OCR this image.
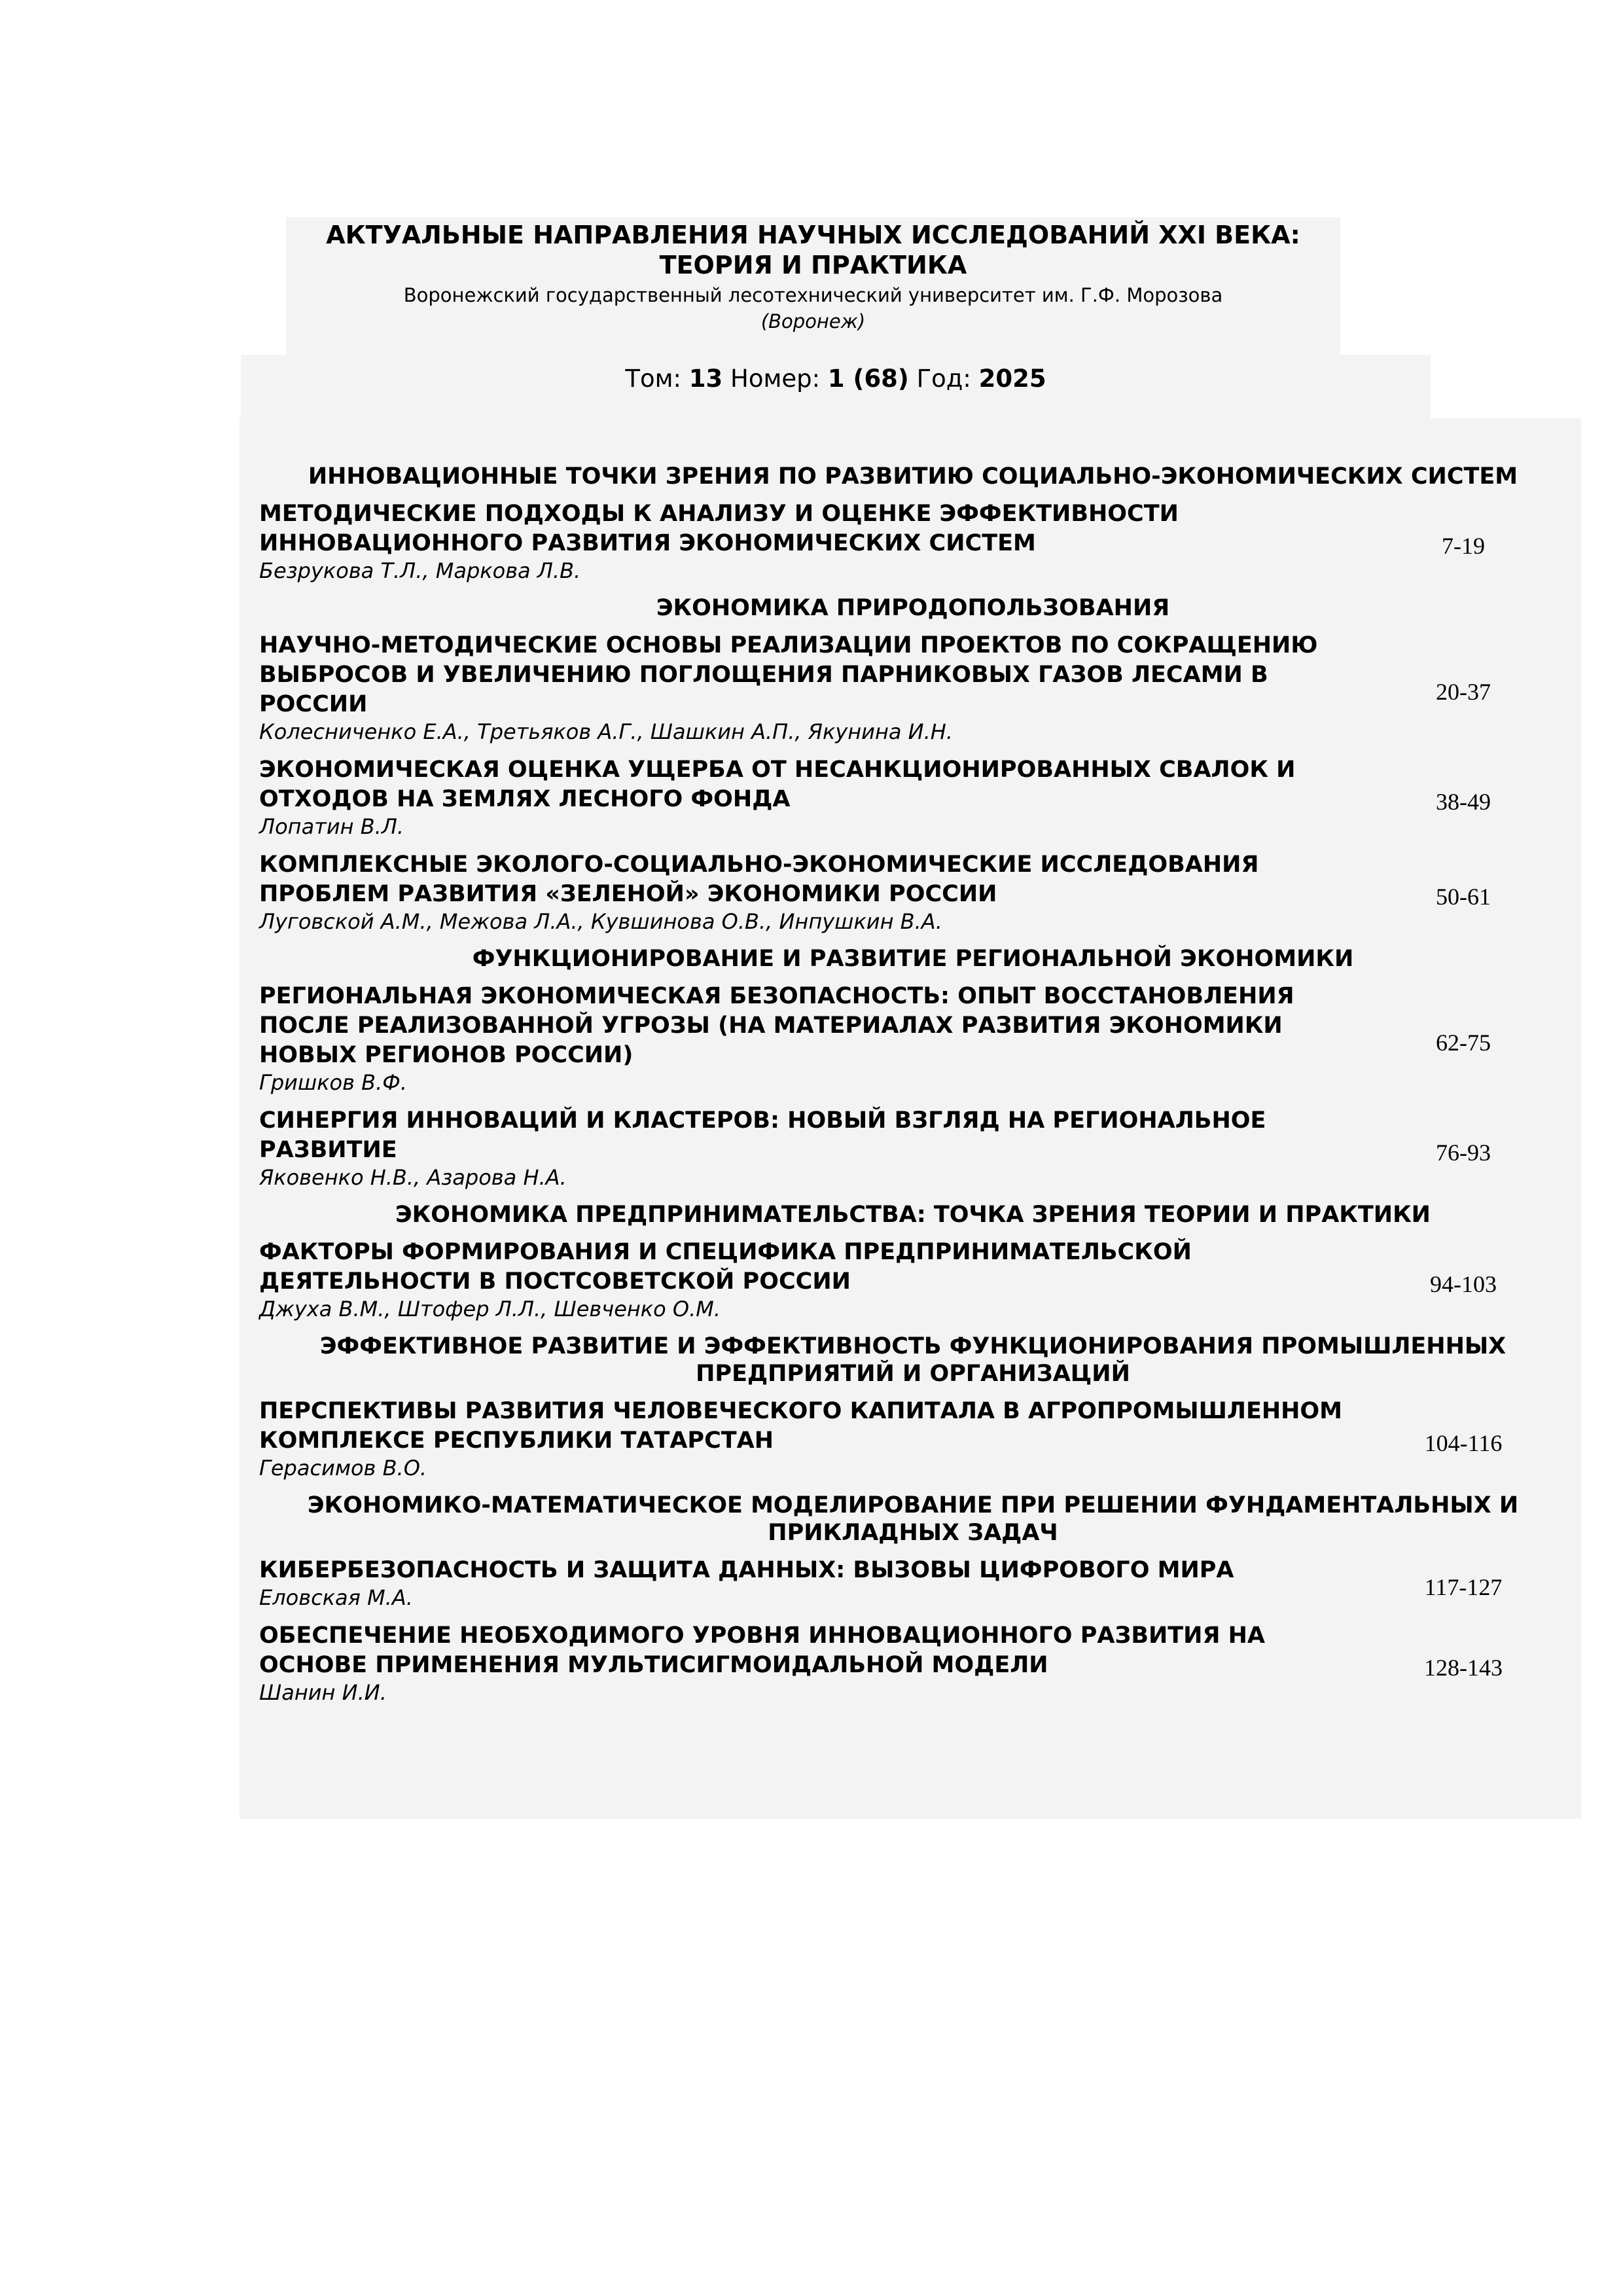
АКТУАЛЬНЫЕ НАПРАВЛЕНИЯ НАУЧНЫХ ИССЛЕДОВАНИЙ XXI ВЕКА:
ТЕОРИЯ И ПРАКТИКА
Воронежский государственный лесотехнический университет им. Г.Ф. Морозова
(Воронеж)
Том: 13 Номер: 1 (68) Год: 2025
ИННОВАЦИОННЫЕ ТОЧКИ ЗРЕНИЯ ПО РАЗВИТИЮ СОЦИАЛЬНО-ЭКОНОМИЧЕСКИХ СИСТЕМ
МЕТОДИЧЕСКИЕ ПОДХОДЫ К АНАЛИЗУ И ОЦЕНКЕ ЭФФЕКТИВНОСТИ
ИННОВАЦИОННОГО РАЗВИТИЯ ЭКОНОМИЧЕСКИХ СИСТЕМ
Безрукова Т.Л., Маркова Л.В.
7-19
ЭКОНОМИКА ПРИРОДОПОЛЬЗОВАНИЯ
НАУЧНО-МЕТОДИЧЕСКИЕ ОСНОВЫ РЕАЛИЗАЦИИ ПРОЕКТОВ ПО СОКРАЩЕНИЮ
ВЫБРОСОВ И УВЕЛИЧЕНИЮ ПОГЛОЩЕНИЯ ПАРНИКОВЫХ ГАЗОВ ЛЕСАМИ В
РОССИИ
Колесниченко Е.А., Третьяков А.Г., Шашкин А.П., Якунина И.Н.
20-37
ЭКОНОМИЧЕСКАЯ ОЦЕНКА УЩЕРБА ОТ НЕСАНКЦИОНИРОВАННЫХ СВАЛОК И
ОТХОДОВ НА ЗЕМЛЯХ ЛЕСНОГО ФОНДА
Лопатин В.Л.
38-49
КОМПЛЕКСНЫЕ ЭКОЛОГО-СОЦИАЛЬНО-ЭКОНОМИЧЕСКИЕ ИССЛЕДОВАНИЯ
ПРОБЛЕМ РАЗВИТИЯ «ЗЕЛЕНОЙ» ЭКОНОМИКИ РОССИИ
Луговской А.М., Межова Л.А., Кувшинова О.В., Инпушкин В.А.
50-61
ФУНКЦИОНИРОВАНИЕ И РАЗВИТИЕ РЕГИОНАЛЬНОЙ ЭКОНОМИКИ
РЕГИОНАЛЬНАЯ ЭКОНОМИЧЕСКАЯ БЕЗОПАСНОСТЬ: ОПЫТ ВОССТАНОВЛЕНИЯ
ПОСЛЕ РЕАЛИЗОВАННОЙ УГРОЗЫ (НА МАТЕРИАЛАХ РАЗВИТИЯ ЭКОНОМИКИ
НОВЫХ РЕГИОНОВ РОССИИ)
Гришков В.Ф.
62-75
СИНЕРГИЯ ИННОВАЦИЙ И КЛАСТЕРОВ: НОВЫЙ ВЗГЛЯД НА РЕГИОНАЛЬНОЕ
РАЗВИТИЕ
Яковенко Н.В., Азарова Н.А.
76-93
ЭКОНОМИКА ПРЕДПРИНИМАТЕЛЬСТВА: ТОЧКА ЗРЕНИЯ ТЕОРИИ И ПРАКТИКИ
ФАКТОРЫ ФОРМИРОВАНИЯ И СПЕЦИФИКА ПРЕДПРИНИМАТЕЛЬСКОЙ
ДЕЯТЕЛЬНОСТИ В ПОСТСОВЕТСКОЙ РОССИИ
Джуха В.М., Штофер Л.Л., Шевченко О.М.
94-103
ЭФФЕКТИВНОЕ РАЗВИТИЕ И ЭФФЕКТИВНОСТЬ ФУНКЦИОНИРОВАНИЯ ПРОМЫШЛЕННЫХ
ПРЕДПРИЯТИЙ И ОРГАНИЗАЦИЙ
ПЕРСПЕКТИВЫ РАЗВИТИЯ ЧЕЛОВЕЧЕСКОГО КАПИТАЛА В АГРОПРОМЫШЛЕННОМ
КОМПЛЕКСЕ РЕСПУБЛИКИ ТАТАРСТАН
Герасимов В.О.
104-116
ЭКОНОМИКО-МАТЕМАТИЧЕСКОЕ МОДЕЛИРОВАНИЕ ПРИ РЕШЕНИИ ФУНДАМЕНТАЛЬНЫХ И
ПРИКЛАДНЫХ ЗАДАЧ
КИБЕРБЕЗОПАСНОСТЬ И ЗАЩИТА ДАННЫХ: ВЫЗОВЫ ЦИФРОВОГО МИРА
Еловская М.А.	117-127
ОБЕСПЕЧЕНИЕ НЕОБХОДИМОГО УРОВНЯ ИННОВАЦИОННОГО РАЗВИТИЯ НА
ОСНОВЕ ПРИМЕНЕНИЯ МУЛЬТИСИГМОИДАЛЬНОЙ МОДЕЛИ
Шанин И.И.
128-143
